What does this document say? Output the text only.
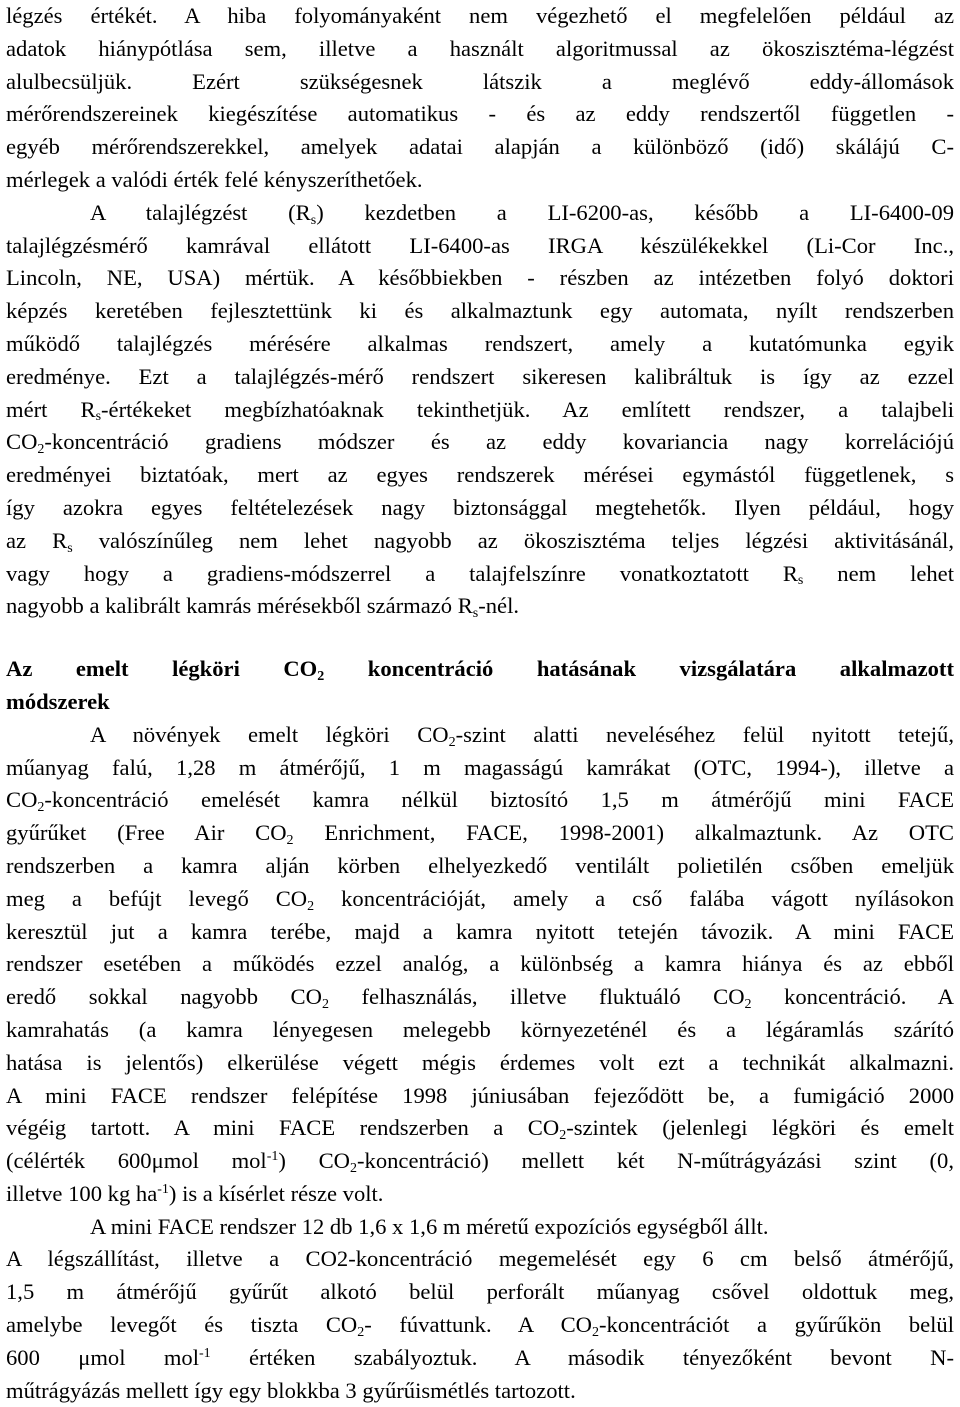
légzés értékét. A hiba folyományaként nem végezhető el megfelelően például az
adatok hiánypótlása sem, illetve a használt algoritmussal az ökoszisztéma-légzést
alulbecsüljük. Ezért szükségesnek látszik a meglévő eddy-állomások
mérőrendszereinek kiegészítése automatikus - és az eddy rendszertől független -
egyéb mérőrendszerekkel, amelyek adatai alapján a különböző (idő) skálájú C-
mérlegek a valódi érték felé kényszeríthetőek.
A talajlégzést $(R_s)$ kezdetben a LI-6200-as, később a LI-6400-09
talajlégzésmérő kamrával ellátott LI-6400-as IRGA készülékekkel (Li-Cor Inc.,
Lincoln, NE, USA) mértük. A későbbiekben - részben az intézetben folyó doktori
képzés keretében fejlesztettünk ki és alkalmaztunk egy automata, nyílt rendszerben
működő talajlégzés mérésére alkalmas rendszert, amely a kutatómunka egyik
eredménye. Ezt a talajlégzés-mérő rendszert sikeresen kalibráltuk is így az ezzel
mért $R_s$-értékeket megbízhatóaknak tekinthetjük. Az említett rendszer, a talajbeli
$CO_2$-koncentráció gradiens módszer és az eddy kovariancia nagy korrelációjú
eredményei biztatóak, mert az egyes rendszerek mérései egymástól függetlenek, s
így azokra egyes feltételezések nagy biztonsággal megtehetők. Ilyen például, hogy
az $R_s$ valószínűleg nem lehet nagyobb az ökoszisztéma teljes légzési aktivitásánál,
vagy hogy a gradiens-módszerrel a talajfelszínre vonatkoztatott $R_s$ nem lehet
nagyobb a kalibrált kamrás mérésekből származó $R_s$-nél.
Az emelt légköri $CO_2$ koncentráció hatásának vizsgálatára alkalmazott
módszerek
A növények emelt légköri $CO_2$-szint alatti neveléséhez felül nyitott tetejű,
műanyag falú, 1,28 m átmérőjű, 1 m magasságú kamrákat (OTC, 1994-), illetve a
$CO_2$-koncentráció emelését kamra nélkül biztosító 1,5 m átmérőjű mini FACE
gyűrűket (Free Air $CO_2$ Enrichment, FACE, 1998-2001) alkalmaztunk. Az OTC
rendszerben a kamra alján körben elhelyezkedő ventilált polietilén csőben emeljük
meg a befújt levegő $CO_2$ koncentrációját, amely a cső falába vágott nyílásokon
keresztül jut a kamra terébe, majd a kamra nyitott tetején távozik. A mini FACE
rendszer esetében a működés ezzel analóg, a különbség a kamra hiánya és az ebből
eredő sokkal nagyobb $CO_2$ felhasználás, illetve fluktuáló $CO_2$ koncentráció. A
kamrahatás (a kamra lényegesen melegebb környezeténél és a légáramlás szárító
hatása is jelentős) elkerülése végett mégis érdemes volt ezt a technikát alkalmazni.
A mini FACE rendszer felépítése 1998 júniusában fejeződött be, a fumigáció 2000
végéig tartott. A mini FACE rendszerben a $CO_2$-szintek (jelenlegi légköri és emelt
(célérték 600μmol mol$^{-1}$) $CO_2-koncentráció$) mellett két N-műtrágyázási szint (0,
illetve 100 kg $ha^{-1}$) is a kísérlet része volt.
A mini FACE rendszer 12 db 1,6 x 1,6 m méretű expozíciós egységből állt.
A légszállítást, illetve a CO2-koncentráció megemelését egy 6 cm belső átmérőjű,
1,5 m átmérőjű gyűrűt alkotó belül perforált műanyag csővel oldottuk meg,
amelybe levegőt és tiszta $CO_2-$ fúvattunk. A $CO_2$-koncentrációt a gyűrűkön belül
600 μmol mol$^{-1}$ értéken szabályoztuk. A második tényezőként bevont N-
műtrágyázás mellett így egy blokkba 3 gyűrűismétlés tartozott.
